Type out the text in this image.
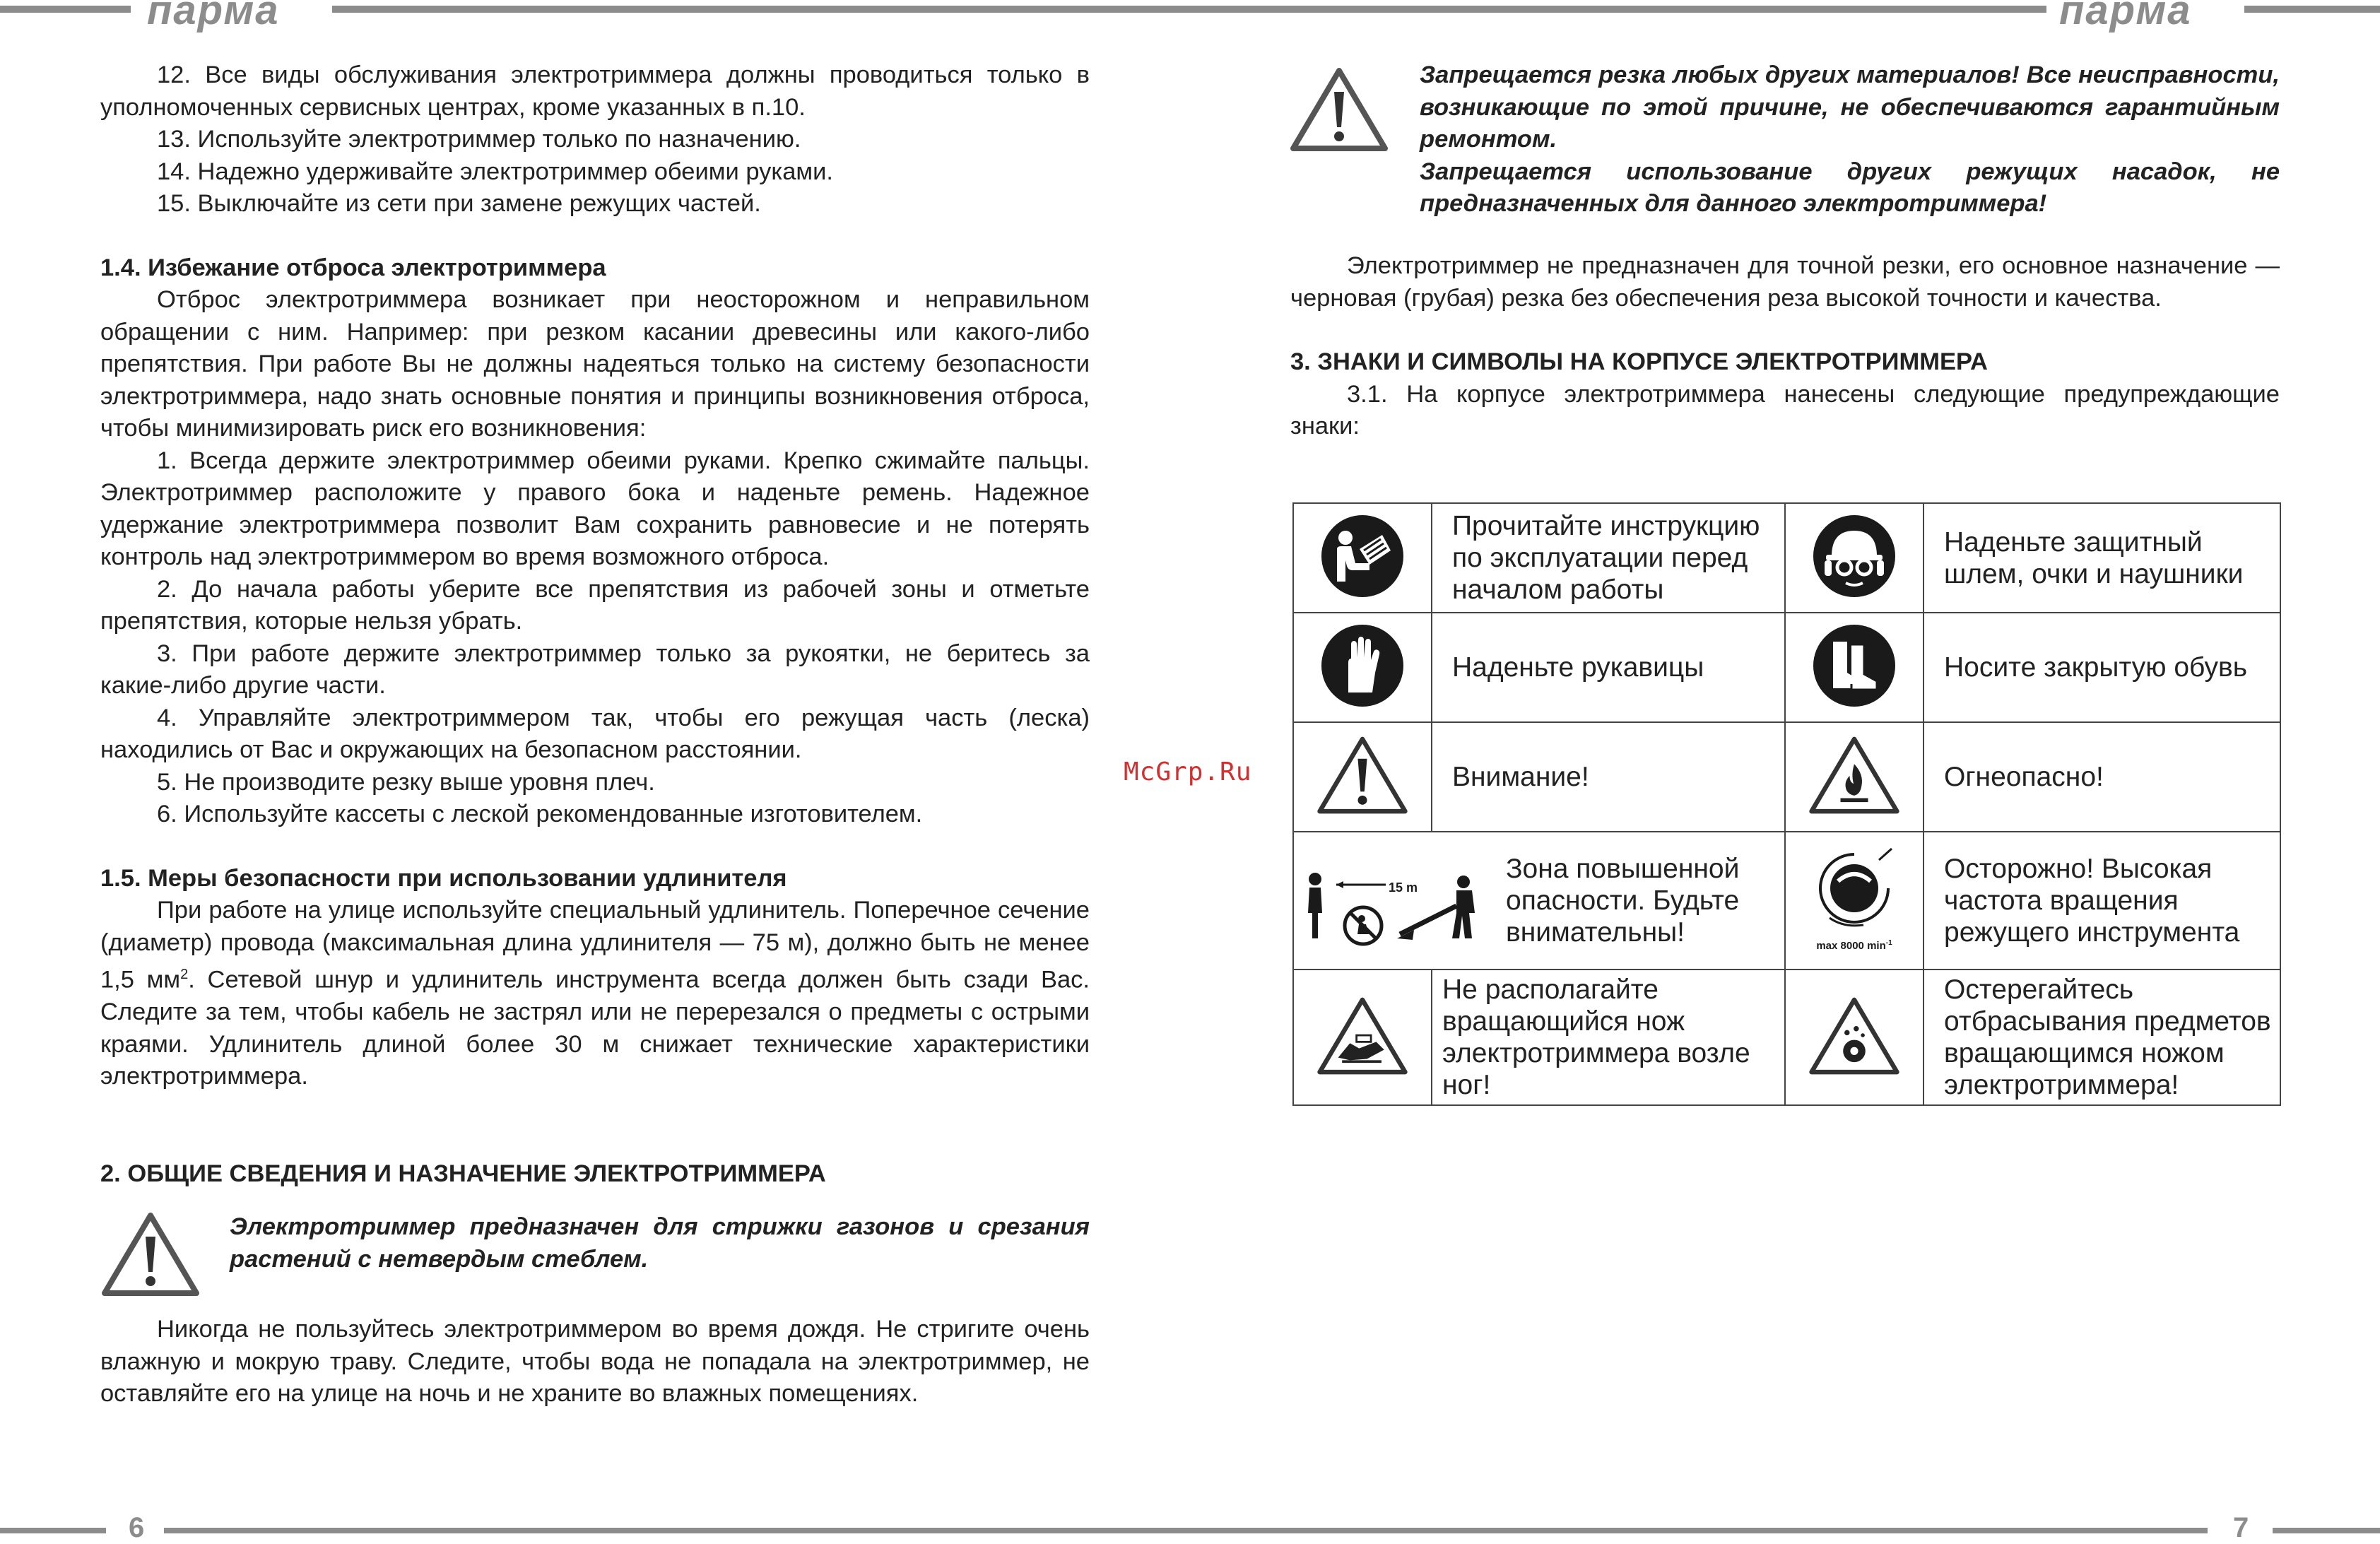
парма

12. Все виды обслуживания электротриммера должны проводиться только в уполномоченных сервисных центрах, кроме указанных в п.10.

13. Используйте электротриммер только по назначению.

14. Надежно удерживайте электротриммер обеими руками.

15. Выключайте из сети при замене режущих частей.

1.4. Избежание отброса электротриммера

Отброс электротриммера возникает при неосторожном и неправильном обращении с ним. Например: при резком касании древесины или какого-либо препятствия. При работе Вы не должны надеяться только на систему безопасности электротриммера, надо знать основные понятия и принципы возникновения отброса, чтобы минимизировать риск его возникновения:

1. Всегда держите электротриммер обеими руками. Крепко сжимайте пальцы. Электротриммер расположите у правого бока и наденьте ремень. Надежное удержание электротриммера позволит Вам сохранить равновесие и не потерять контроль над электротриммером во время возможного отброса.

2. До начала работы уберите все препятствия из рабочей зоны и отметьте препятствия, которые нельзя убрать.

3. При работе держите электротриммер только за рукоятки, не беритесь за какие-либо другие части.

4. Управляйте электротриммером так, чтобы его режущая часть (леска) находились от Вас и окружающих на безопасном расстоянии.

5. Не производите резку выше уровня плеч.

6. Используйте кассеты с леской рекомендованные изготовителем.

1.5. Меры безопасности при использовании удлинителя

При работе на улице используйте специальный удлинитель. Поперечное сечение (диаметр) провода (максимальная длина удлинителя — 75 м), должно быть не менее 1,5 $мм^2$. Сетевой шнур и удлинитель инструмента всегда должен быть сзади Вас. Следите за тем, чтобы кабель не застрял или не перерезался о предметы с острыми краями. Удлинитель длиной более 30 м снижает технические характеристики электротриммера.

2. ОБЩИЕ СВЕДЕНИЯ И НАЗНАЧЕНИЕ ЭЛЕКТРОТРИММЕРА

Электротриммер предназначен для стрижки газонов и срезания растений с нетвердым стеблем.

Никогда не пользуйтесь электротриммером во время дождя. Не стригите очень влажную и мокрую траву. Следите, чтобы вода не попадала на электротриммер, не оставляйте его на улице на ночь и не храните во влажных помещениях.

6
парма

Запрещается резка любых других материалов! Все неисправности, возникающие по этой причине, не обеспечиваются гарантийным ремонтом.

Запрещается использование других режущих насадок, не предназначенных для данного электротриммера!

Электротриммер не предназначен для точной резки, его основное назначение — черновая (грубая) резка без обеспечения реза высокой точности и качества.

3. ЗНАКИ И СИМВОЛЫ НА КОРПУСЕ ЭЛЕКТРОТРИММЕРА

3.1. На корпусе электротриммера нанесены следующие предупреждающие знаки:

McGrp.Ru
7
	Прочитайте инструкцию по эксплуатации перед началом работы		Наденьте защитный шлем, очки и наушники
	Наденьте рукавицы		Носите закрытую обувь
	Внимание!		Огнеопасно!

15 m	Зона повышенной опасности. Будьте внимательны!	max 8000 $\min^{-1}$	Осторожно! Высокая частота вращения режущего инструмента
	Не располагайте вращающийся нож электротриммера возле ног!		Остерегайтесь отбрасывания предметов вращающимся ножом электротриммера!
